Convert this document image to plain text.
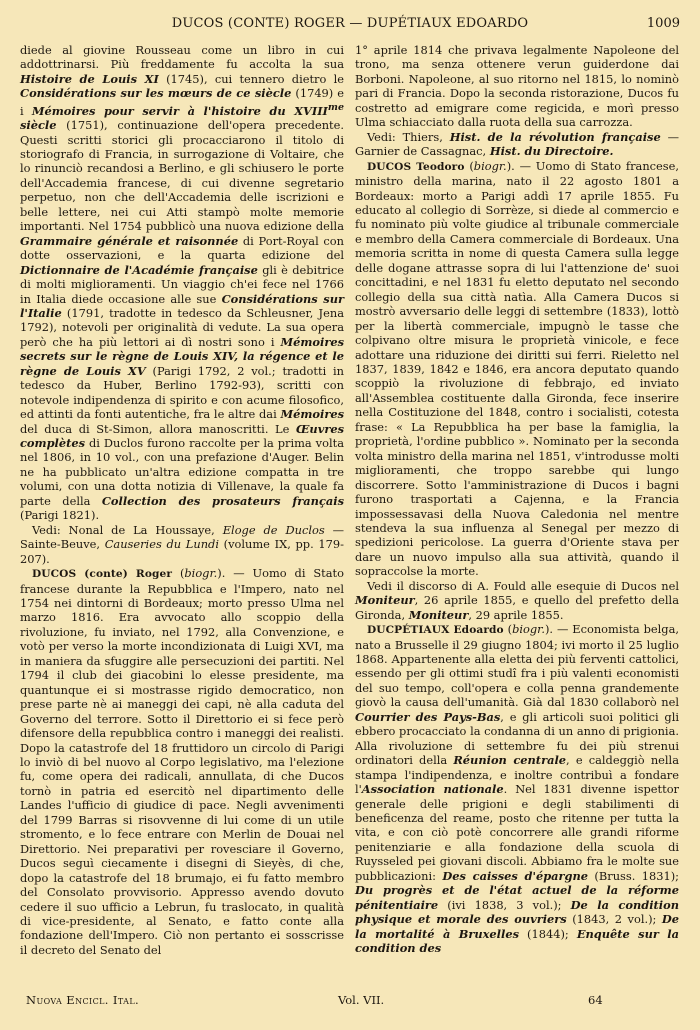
DUCOS (CONTE) ROGER — DUPÉTIAUX EDOARDO	1009

diede al giovine Rousseau come un libro in cui addottrinarsi. Più freddamente fu accolta la sua Histoire de Louis XI (1745), cui tennero dietro le Considérations sur les mœurs de ce siècle (1749) e i Mémoires pour servir à l'histoire du $XVIII^{me}$ siècle (1751), continuazione dell'opera precedente. Questi scritti storici gli procacciarono il titolo di storiografo di Francia, in surrogazione di Voltaire, che lo rinunciò recandosi a Berlino, e gli schiusero le porte dell'Accademia francese, di cui divenne segretario perpetuo, non che dell'Accademia delle iscrizioni e belle lettere, nei cui Atti stampò molte memorie importanti. Nel 1754 pubblicò una nuova edizione della Grammaire générale et raisonnée di Port-Royal con dotte osservazioni, e la quarta edizione del Dictionnaire de l'Académie française gli è debitrice di molti miglioramenti. Un viaggio ch'ei fece nel 1766 in Italia diede occasione alle sue Considérations sur l'Italie (1791, tradotte in tedesco da Schleusner, Jena 1792), notevoli per originalità di vedute. La sua opera però che ha più lettori ai dì nostri sono i Mémoires secrets sur le règne de Louis XIV, la régence et le règne de Louis XV (Parigi 1792, 2 vol.; tradotti in tedesco da Huber, Berlino 1792-93), scritti con notevole indipendenza di spirito e con acume filosofico, ed attinti da fonti autentiche, fra le altre dai Mémoires del duca di St-Simon, allora manoscritti. Le Œuvres complètes di Duclos furono raccolte per la prima volta nel 1806, in 10 vol., con una prefazione d'Auger. Belin ne ha pubblicato un'altra edizione compatta in tre volumi, con una dotta notizia di Villenave, la quale fa parte della Collection des prosateurs français (Parigi 1821).

Vedi: Nonal de La Houssaye, Eloge de Duclos — Sainte-Beuve, Causeries du Lundi (volume IX, pp. 179-207).

DUCOS (conte) Roger (biogr.). — Uomo di Stato francese durante la Repubblica e l'Impero, nato nel 1754 nei dintorni di Bordeaux; morto presso Ulma nel marzo 1816. Era avvocato allo scoppio della rivoluzione, fu inviato, nel 1792, alla Convenzione, e votò per verso la morte incondizionata di Luigi XVI, ma in maniera da sfuggire alle persecuzioni dei partiti. Nel 1794 il club dei giacobini lo elesse presidente, ma quantunque ei si mostrasse rigido democratico, non prese parte nè ai maneggi dei capi, nè alla caduta del Governo del terrore. Sotto il Direttorio ei si fece però difensore della repubblica contro i maneggi dei realisti. Dopo la catastrofe del 18 fruttidoro un circolo di Parigi lo inviò di bel nuovo al Corpo legislativo, ma l'elezione fu, come opera dei radicali, annullata, di che Ducos tornò in patria ed esercitò nel dipartimento delle Landes l'ufficio di giudice di pace. Negli avvenimenti del 1799 Barras si risovvenne di lui come di un utile stromento, e lo fece entrare con Merlin de Douai nel Direttorio. Nei preparativi per rovesciare il Governo, Ducos seguì ciecamente i disegni di Sieyès, di che, dopo la catastrofe del 18 brumajo, ei fu fatto membro del Consolato provvisorio. Appresso avendo dovuto cedere il suo ufficio a Lebrun, fu traslocato, in qualità di vice-presidente, al Senato, e fatto conte alla fondazione dell'Impero. Ciò non pertanto ei sosscrisse il decreto del Senato del

1° aprile 1814 che privava legalmente Napoleone del trono, ma senza ottenere verun guiderdone dai Borboni. Napoleone, al suo ritorno nel 1815, lo nominò pari di Francia. Dopo la seconda ristorazione, Ducos fu costretto ad emigrare come regicida, e morì presso Ulma schiacciato dalla ruota della sua carrozza.

Vedi: Thiers, Hist. de la révolution française — Garnier de Cassagnac, Hist. du Directoire.

DUCOS Teodoro (biogr.). — Uomo di Stato francese, ministro della marina, nato il 22 agosto 1801 a Bordeaux: morto a Parigi addì 17 aprile 1855. Fu educato al collegio di Sorrèze, si diede al commercio e fu nominato più volte giudice al tribunale commerciale e membro della Camera commerciale di Bordeaux. Una memoria scritta in nome di questa Camera sulla legge delle dogane attrasse sopra di lui l'attenzione de' suoi concittadini, e nel 1831 fu eletto deputato nel secondo collegio della sua città natìa. Alla Camera Ducos si mostrò avversario delle leggi di settembre (1833), lottò per la libertà commerciale, impugnò le tasse che colpivano oltre misura le proprietà vinicole, e fece adottare una riduzione dei diritti sui ferri. Rieletto nel 1837, 1839, 1842 e 1846, era ancora deputato quando scoppiò la rivoluzione di febbrajo, ed inviato all'Assemblea costituente dalla Gironda, fece inserire nella Costituzione del 1848, contro i socialisti, cotesta frase: « La Repubblica ha per base la famiglia, la proprietà, l'ordine pubblico ». Nominato per la seconda volta ministro della marina nel 1851, v'introdusse molti miglioramenti, che troppo sarebbe qui lungo discorrere. Sotto l'amministrazione di Ducos i bagni furono trasportati a Cajenna, e la Francia impossessavasi della Nuova Caledonia nel mentre stendeva la sua influenza al Senegal per mezzo di spedizioni pericolose. La guerra d'Oriente stava per dare un nuovo impulso alla sua attività, quando il sopraccolse la morte.

Vedi il discorso di A. Fould alle esequie di Ducos nel Moniteur, 26 aprile 1855, e quello del prefetto della Gironda, Moniteur, 29 aprile 1855.

DUCPÉTIAUX Edoardo (biogr.). — Economista belga, nato a Brusselle il 29 giugno 1804; ivi morto il 25 luglio 1868. Appartenente alla eletta dei più ferventi cattolici, essendo per gli ottimi studî fra i più valenti economisti del suo tempo, coll'opera e colla penna grandemente giovò la causa dell'umanità. Già dal 1830 collaborò nel Courrier des Pays-Bas, e gli articoli suoi politici gli ebbero procacciato la condanna di un anno di prigionia. Alla rivoluzione di settembre fu dei più strenui ordinatori della Réunion centrale, e caldeggiò nella stampa l'indipendenza, e inoltre contribuì a fondare l'Association nationale. Nel 1831 divenne ispettor generale delle prigioni e degli stabilimenti di beneficenza del reame, posto che ritenne per tutta la vita, e con ciò potè concorrere alle grandi riforme penitenziarie e alla fondazione della scuola di Ruysseled pei giovani discoli. Abbiamo fra le molte sue pubblicazioni: Des caisses d'épargne (Bruss. 1831); Du progrès et de l'état actuel de la réforme pénitentiaire (ivi 1838, 3 vol.); De la condition physique et morale des ouvriers (1843, 2 vol.); De la mortalité à Bruxelles (1844); Enquête sur la condition des

Nuova Encicl. Ital.	Vol. VII.	64
